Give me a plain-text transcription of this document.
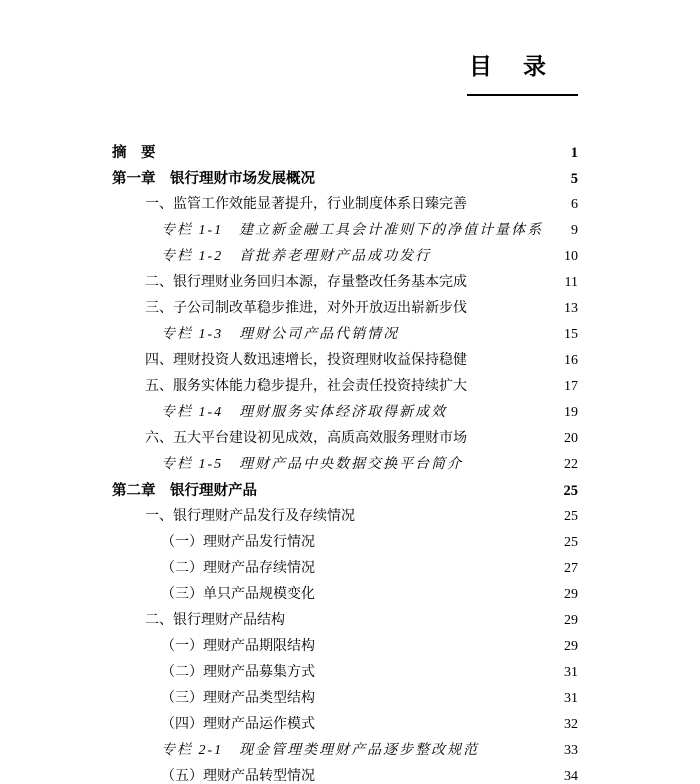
目　录
摘　要	1
第一章　银行理财市场发展概况	5
一、监管工作效能显著提升，行业制度体系日臻完善	6
专栏 1-1　建立新金融工具会计准则下的净值计量体系	9
专栏 1-2　首批养老理财产品成功发行	10
二、银行理财业务回归本源，存量整改任务基本完成	11
三、子公司制改革稳步推进，对外开放迈出崭新步伐	13
专栏 1-3　理财公司产品代销情况	15
四、理财投资人数迅速增长，投资理财收益保持稳健	16
五、服务实体能力稳步提升，社会责任投资持续扩大	17
专栏 1-4　理财服务实体经济取得新成效	19
六、五大平台建设初见成效，高质高效服务理财市场	20
专栏 1-5　理财产品中央数据交换平台简介	22
第二章　银行理财产品	25
一、银行理财产品发行及存续情况	25
（一）理财产品发行情况	25
（二）理财产品存续情况	27
（三）单只产品规模变化	29
二、银行理财产品结构	29
（一）理财产品期限结构	29
（二）理财产品募集方式	31
（三）理财产品类型结构	31
（四）理财产品运作模式	32
专栏 2-1　现金管理类理财产品逐步整改规范	33
（五）理财产品转型情况	34
